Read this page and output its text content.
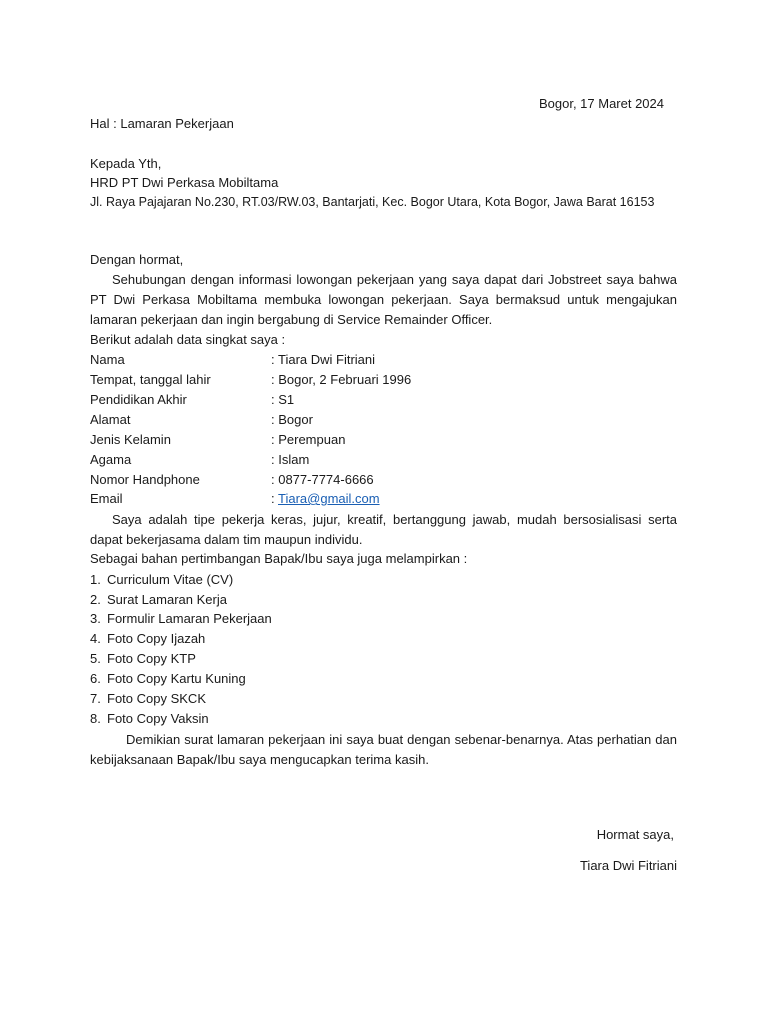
Bogor, 17 Maret 2024
Hal : Lamaran Pekerjaan
Kepada Yth,
HRD PT Dwi Perkasa Mobiltama
Jl. Raya Pajajaran No.230, RT.03/RW.03, Bantarjati, Kec. Bogor Utara, Kota Bogor, Jawa Barat 16153
Dengan hormat,
Sehubungan dengan informasi lowongan pekerjaan yang saya dapat dari Jobstreet saya bahwa PT Dwi Perkasa Mobiltama membuka lowongan pekerjaan. Saya bermaksud untuk mengajukan lamaran pekerjaan dan ingin bergabung di Service Remainder Officer.
Berikut adalah data singkat saya :
Nama	: Tiara Dwi Fitriani
Tempat, tanggal lahir	: Bogor, 2 Februari 1996
Pendidikan Akhir	: S1
Alamat	: Bogor
Jenis Kelamin	: Perempuan
Agama	: Islam
Nomor Handphone	: 0877-7774-6666
Email	: Tiara@gmail.com
Saya adalah tipe pekerja keras, jujur, kreatif, bertanggung jawab, mudah bersosialisasi serta dapat bekerjasama dalam tim maupun individu.
Sebagai bahan pertimbangan Bapak/Ibu saya juga melampirkan :
1. Curriculum Vitae (CV)
2. Surat Lamaran Kerja
3. Formulir Lamaran Pekerjaan
4. Foto Copy Ijazah
5. Foto Copy KTP
6. Foto Copy Kartu Kuning
7. Foto Copy SKCK
8. Foto Copy Vaksin
Demikian surat lamaran pekerjaan ini saya buat dengan sebenar-benarnya. Atas perhatian dan kebijaksanaan Bapak/Ibu saya mengucapkan terima kasih.
Hormat saya,
Tiara Dwi Fitriani
